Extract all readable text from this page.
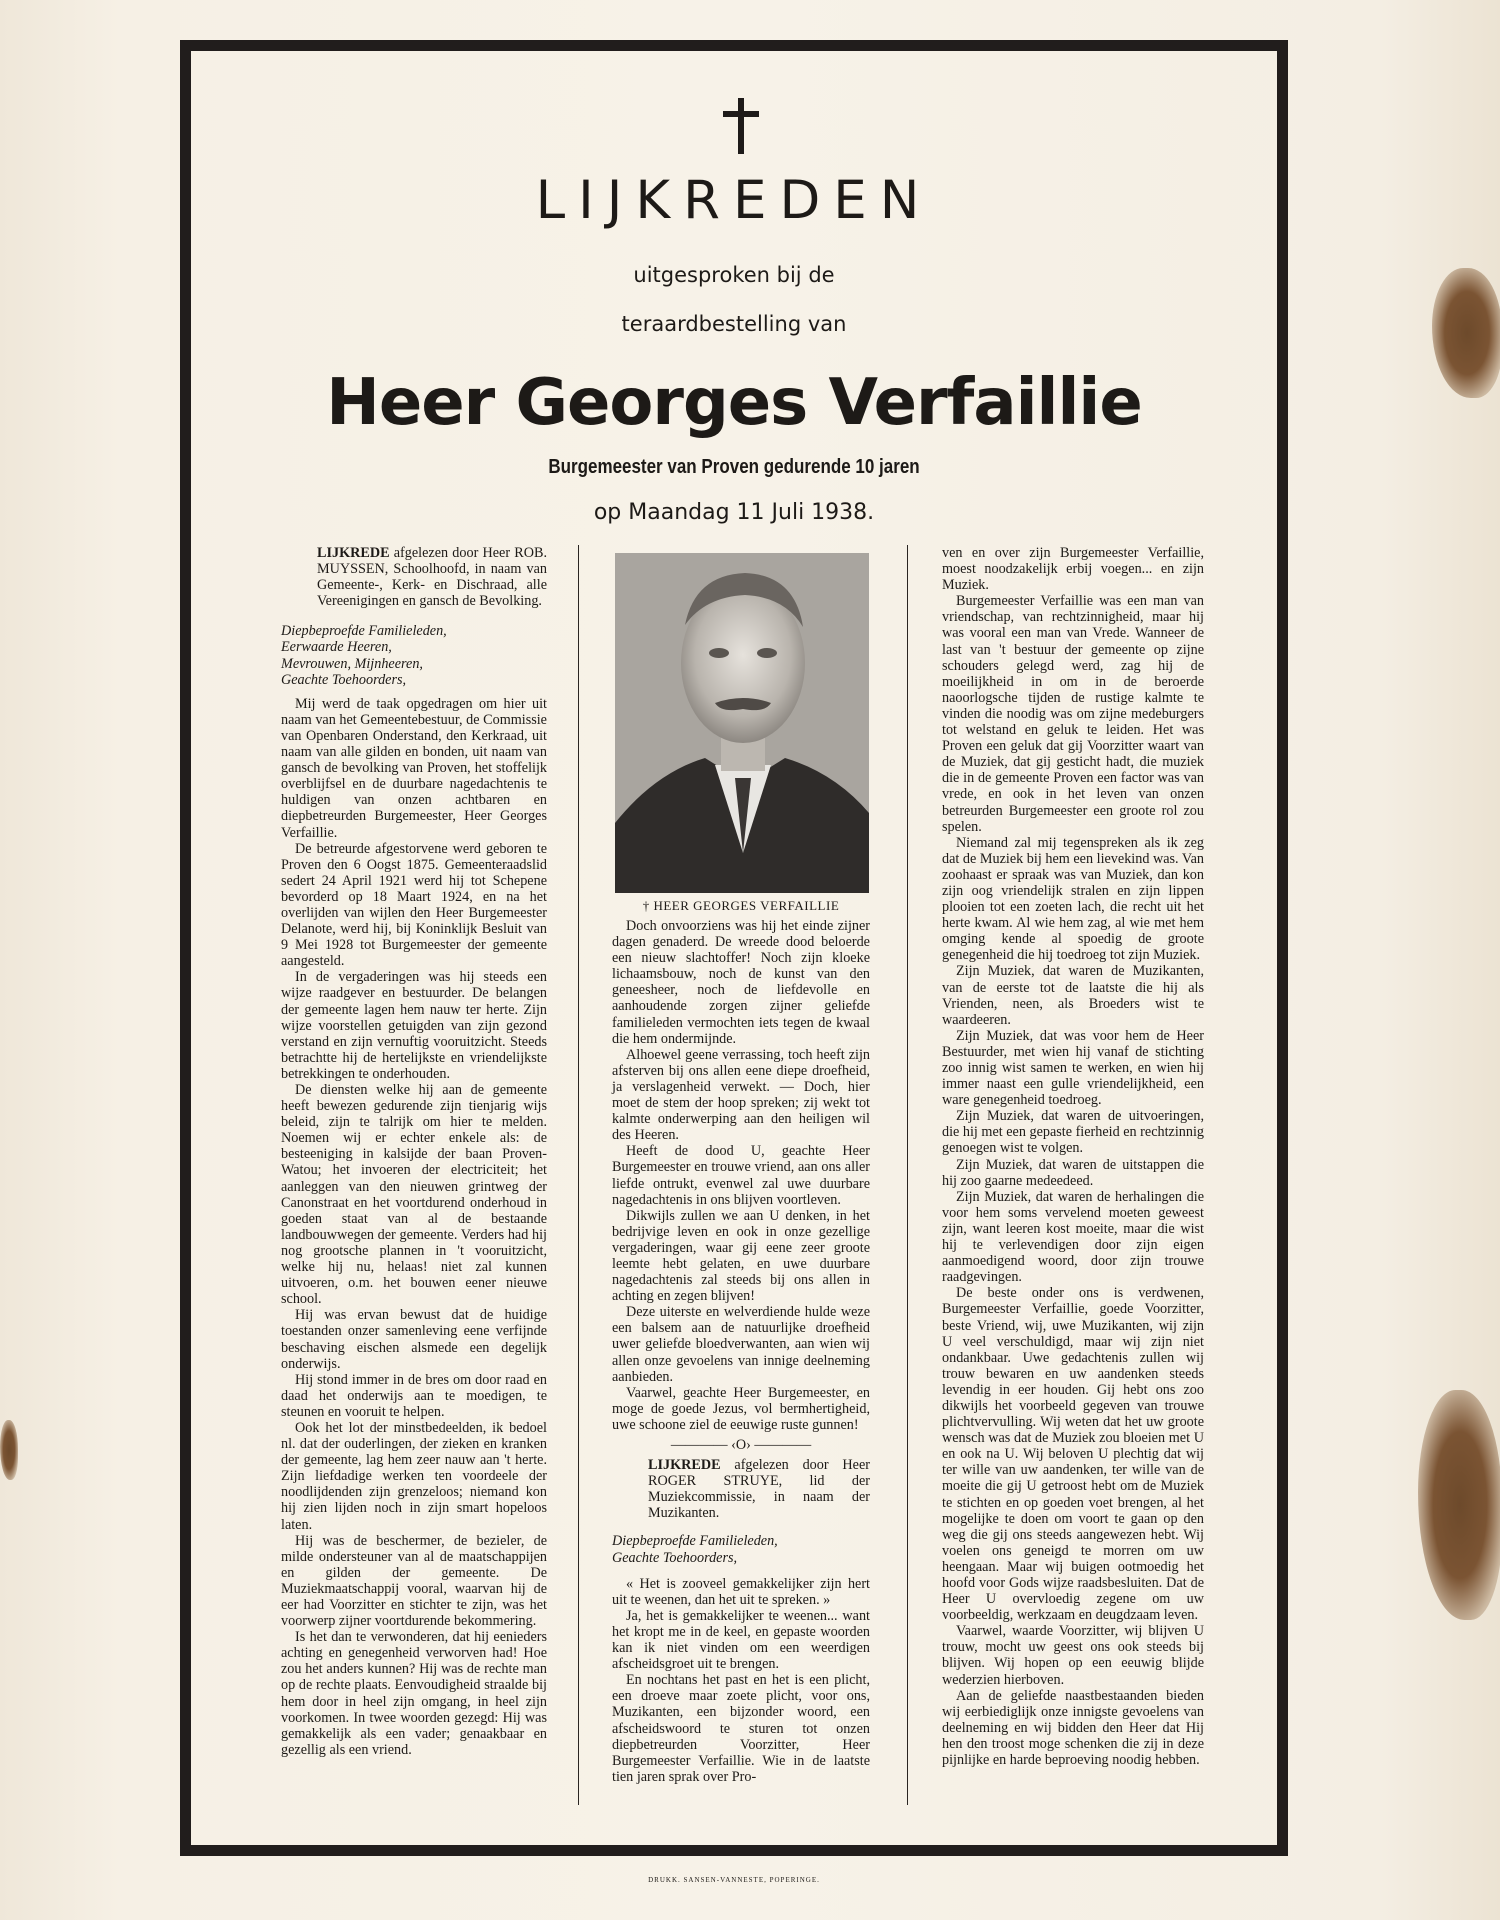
LIJKREDEN
uitgesproken bij de
teraardbestelling van
Heer Georges Verfaillie
Burgemeester van Proven gedurende 10 jaren
op Maandag 11 Juli 1938.

LIJKREDE afgelezen door Heer ROB. MUYSSEN, Schoolhoofd, in naam van Gemeente-, Kerk- en Dischraad, alle Vereenigingen en gansch de Bevolking.

Diepbeproefde Familieleden,

Eerwaarde Heeren,

Mevrouwen, Mijnheeren,

Geachte Toehoorders,

Mij werd de taak opgedragen om hier uit naam van het Gemeentebestuur, de Commissie van Openbaren Onderstand, den Kerkraad, uit naam van alle gilden en bonden, uit naam van gansch de bevolking van Proven, het stoffelijk overblijfsel en de duurbare nagedachtenis te huldigen van onzen achtbaren en diepbetreurden Burgemeester, Heer Georges Verfaillie.

De betreurde afgestorvene werd geboren te Proven den 6 Oogst 1875. Gemeenteraadslid sedert 24 April 1921 werd hij tot Schepene bevorderd op 18 Maart 1924, en na het overlijden van wijlen den Heer Burgemeester Delanote, werd hij, bij Koninklijk Besluit van 9 Mei 1928 tot Burgemeester der gemeente aangesteld.

In de vergaderingen was hij steeds een wijze raadgever en bestuurder. De belangen der gemeente lagen hem nauw ter herte. Zijn wijze voorstellen getuigden van zijn gezond verstand en zijn vernuftig vooruitzicht. Steeds betrachtte hij de hertelijkste en vriendelijkste betrekkingen te onderhouden.

De diensten welke hij aan de gemeente heeft bewezen gedurende zijn tienjarig wijs beleid, zijn te talrijk om hier te melden. Noemen wij er echter enkele als: de besteeniging in kalsijde der baan Proven-Watou; het invoeren der electriciteit; het aanleggen van den nieuwen grintweg der Canonstraat en het voortdurend onderhoud in goeden staat van al de bestaande landbouwwegen der gemeente. Verders had hij nog grootsche plannen in 't vooruitzicht, welke hij nu, helaas! niet zal kunnen uitvoeren, o.m. het bouwen eener nieuwe school.

Hij was ervan bewust dat de huidige toestanden onzer samenleving eene verfijnde beschaving eischen alsmede een degelijk onderwijs.

Hij stond immer in de bres om door raad en daad het onderwijs aan te moedigen, te steunen en vooruit te helpen.

Ook het lot der minstbedeelden, ik bedoel nl. dat der ouderlingen, der zieken en kranken der gemeente, lag hem zeer nauw aan 't herte. Zijn liefdadige werken ten voordeele der noodlijdenden zijn grenzeloos; niemand kon hij zien lijden noch in zijn smart hopeloos laten.

Hij was de beschermer, de bezieler, de milde ondersteuner van al de maatschappijen en gilden der gemeente. De Muziekmaatschappij vooral, waarvan hij de eer had Voorzitter en stichter te zijn, was het voorwerp zijner voortdurende bekommering.

Is het dan te verwonderen, dat hij eenieders achting en genegenheid verworven had! Hoe zou het anders kunnen? Hij was de rechte man op de rechte plaats. Eenvoudigheid straalde bij hem door in heel zijn omgang, in heel zijn voorkomen. In twee woorden gezegd: Hij was gemakkelijk als een vader; genaakbaar en gezellig als een vriend.

† HEER GEORGES VERFAILLIE

Doch onvoorziens was hij het einde zijner dagen genaderd. De wreede dood beloerde een nieuw slachtoffer! Noch zijn kloeke lichaamsbouw, noch de kunst van den geneesheer, noch de liefdevolle en aanhoudende zorgen zijner geliefde familieleden vermochten iets tegen de kwaal die hem ondermijnde.

Alhoewel geene verrassing, toch heeft zijn afsterven bij ons allen eene diepe droefheid, ja verslagenheid verwekt. — Doch, hier moet de stem der hoop spreken; zij wekt tot kalmte onderwerping aan den heiligen wil des Heeren.

Heeft de dood U, geachte Heer Burgemeester en trouwe vriend, aan ons aller liefde ontrukt, evenwel zal uwe duurbare nagedachtenis in ons blijven voortleven.

Dikwijls zullen we aan U denken, in het bedrijvige leven en ook in onze gezellige vergaderingen, waar gij eene zeer groote leemte hebt gelaten, en uwe duurbare nagedachtenis zal steeds bij ons allen in achting en zegen blijven!

Deze uiterste en welverdiende hulde weze een balsem aan de natuurlijke droefheid uwer geliefde bloedverwanten, aan wien wij allen onze gevoelens van innige deelneming aanbieden.

Vaarwel, geachte Heer Burgemeester, en moge de goede Jezus, vol bermhertigheid, uwe schoone ziel de eeuwige ruste gunnen!

———— ‹O› ————

LIJKREDE afgelezen door Heer ROGER STRUYE, lid der Muziekcommissie, in naam der Muzikanten.

Diepbeproefde Familieleden,

Geachte Toehoorders,

« Het is zooveel gemakkelijker zijn hert uit te weenen, dan het uit te spreken. »

Ja, het is gemakkelijker te weenen... want het kropt me in de keel, en gepaste woorden kan ik niet vinden om een weerdigen afscheidsgroet uit te brengen.

En nochtans het past en het is een plicht, een droeve maar zoete plicht, voor ons, Muzikanten, een bijzonder woord, een afscheidswoord te sturen tot onzen diepbetreurden Voorzitter, Heer Burgemeester Verfaillie. Wie in de laatste tien jaren sprak over Pro-

ven en over zijn Burgemeester Verfaillie, moest noodzakelijk erbij voegen... en zijn Muziek.

Burgemeester Verfaillie was een man van vriendschap, van rechtzinnigheid, maar hij was vooral een man van Vrede. Wanneer de last van 't bestuur der gemeente op zijne schouders gelegd werd, zag hij de moeilijkheid in om in de beroerde naoorlogsche tijden de rustige kalmte te vinden die noodig was om zijne medeburgers tot welstand en geluk te leiden. Het was Proven een geluk dat gij Voorzitter waart van de Muziek, dat gij gesticht hadt, die muziek die in de gemeente Proven een factor was van vrede, en ook in het leven van onzen betreurden Burgemeester een groote rol zou spelen.

Niemand zal mij tegenspreken als ik zeg dat de Muziek bij hem een lievekind was. Van zoohaast er spraak was van Muziek, dan kon zijn oog vriendelijk stralen en zijn lippen plooien tot een zoeten lach, die recht uit het herte kwam. Al wie hem zag, al wie met hem omging kende al spoedig de groote genegenheid die hij toedroeg tot zijn Muziek.

Zijn Muziek, dat waren de Muzikanten, van de eerste tot de laatste die hij als Vrienden, neen, als Broeders wist te waardeeren.

Zijn Muziek, dat was voor hem de Heer Bestuurder, met wien hij vanaf de stichting zoo innig wist samen te werken, en wien hij immer naast een gulle vriendelijkheid, een ware genegenheid toedroeg.

Zijn Muziek, dat waren de uitvoeringen, die hij met een gepaste fierheid en rechtzinnig genoegen wist te volgen.

Zijn Muziek, dat waren de uitstappen die hij zoo gaarne medeedeed.

Zijn Muziek, dat waren de herhalingen die voor hem soms vervelend moeten geweest zijn, want leeren kost moeite, maar die wist hij te verlevendigen door zijn eigen aanmoedigend woord, door zijn trouwe raadgevingen.

De beste onder ons is verdwenen, Burgemeester Verfaillie, goede Voorzitter, beste Vriend, wij, uwe Muzikanten, wij zijn U veel verschuldigd, maar wij zijn niet ondankbaar. Uwe gedachtenis zullen wij trouw bewaren en uw aandenken steeds levendig in eer houden. Gij hebt ons zoo dikwijls het voorbeeld gegeven van trouwe plichtvervulling. Wij weten dat het uw groote wensch was dat de Muziek zou bloeien met U en ook na U. Wij beloven U plechtig dat wij ter wille van uw aandenken, ter wille van de moeite die gij U getroost hebt om de Muziek te stichten en op goeden voet brengen, al het mogelijke te doen om voort te gaan op den weg die gij ons steeds aangewezen hebt. Wij voelen ons geneigd te morren om uw heengaan. Maar wij buigen ootmoedig het hoofd voor Gods wijze raadsbesluiten. Dat de Heer U overvloedig zegene om uw voorbeeldig, werkzaam en deugdzaam leven.

Vaarwel, waarde Voorzitter, wij blijven U trouw, mocht uw geest ons ook steeds bij blijven. Wij hopen op een eeuwig blijde wederzien hierboven.

Aan de geliefde naastbestaanden bieden wij eerbiediglijk onze innigste gevoelens van deelneming en wij bidden den Heer dat Hij hen den troost moge schenken die zij in deze pijnlijke en harde beproeving noodig hebben.

DRUKK. SANSEN-VANNESTE, POPERINGE.
